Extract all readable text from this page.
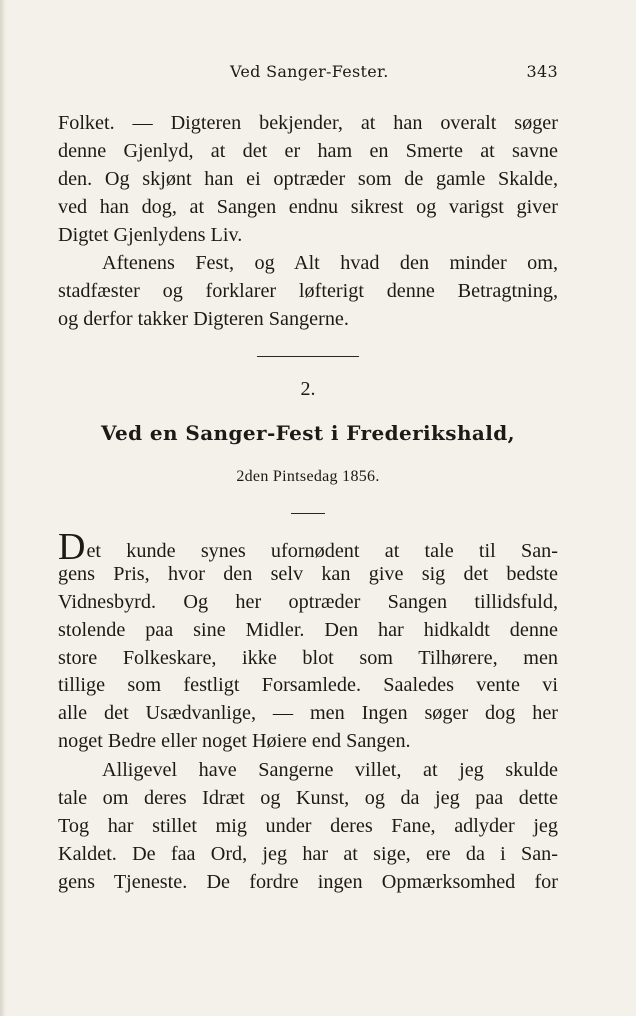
Ved Sanger-Fester.	343
Folket. — Digteren bekjender, at han overalt søger
denne Gjenlyd, at det er ham en Smerte at savne
den. Og skjønt han ei optræder som de gamle Skalde,
ved han dog, at Sangen endnu sikrest og varigst giver
Digtet Gjenlydens Liv.
Aftenens Fest, og Alt hvad den minder om,
stadfæster og forklarer løfterigt denne Betragtning,
og derfor takker Digteren Sangerne.
2.
Ved en Sanger-Fest i Frederikshald,
2den Pintsedag 1856.
Det kunde synes ufornødent at tale til San-
gens Pris, hvor den selv kan give sig det bedste
Vidnesbyrd. Og her optræder Sangen tillidsfuld,
stolende paa sine Midler. Den har hidkaldt denne
store Folkeskare, ikke blot som Tilhørere, men
tillige som festligt Forsamlede. Saaledes vente vi
alle det Usædvanlige, — men Ingen søger dog her
noget Bedre eller noget Høiere end Sangen.
Alligevel have Sangerne villet, at jeg skulde
tale om deres Idræt og Kunst, og da jeg paa dette
Tog har stillet mig under deres Fane, adlyder jeg
Kaldet. De faa Ord, jeg har at sige, ere da i San-
gens Tjeneste. De fordre ingen Opmærksomhed for
